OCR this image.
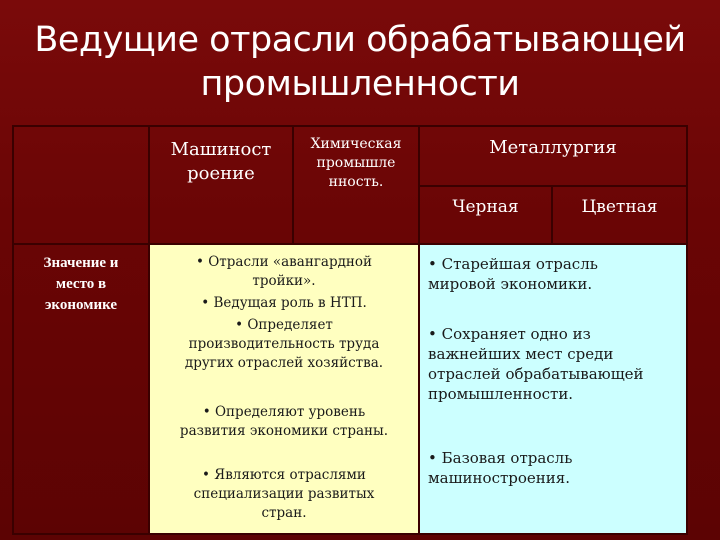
Ведущие отрасли обрабатывающей
промышленности
Машиност
роение
Химическая
промышле
нность.
Металлургия
Черная	Цветная
Значение и
место в
экономике
• Отрасли «авангардной
тройки».
• Ведущая роль в НТП.
• Определяет
производительность труда
других отраслей хозяйства.
• Определяют уровень
развития экономики страны.
• Являются отраслями
специализации развитых
стран.
• Старейшая отрасль
мировой экономики.
• Сохраняет одно из
важнейших мест среди
отраслей обрабатывающей
промышленности.
• Базовая отрасль
машиностроения.
